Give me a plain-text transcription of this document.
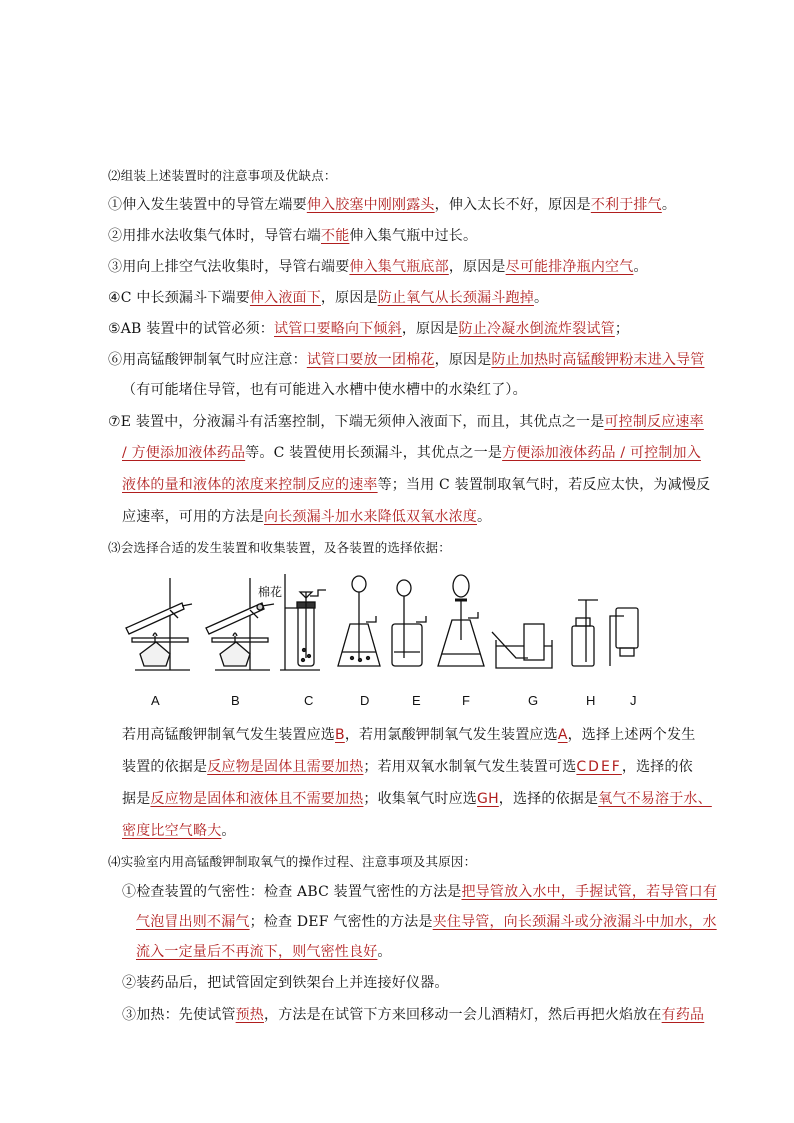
⑵组装上述装置时的注意事项及优缺点：
①伸入发生装置中的导管左端要伸入胶塞中刚刚露头，伸入太长不好，原因是不利于排气。
②用排水法收集气体时，导管右端不能伸入集气瓶中过长。
③用向上排空气法收集时，导管右端要伸入集气瓶底部，原因是尽可能排净瓶内空气。
④C 中长颈漏斗下端要伸入液面下，原因是防止氧气从长颈漏斗跑掉。
⑤AB 装置中的试管必须：试管口要略向下倾斜，原因是防止冷凝水倒流炸裂试管；
⑥用高锰酸钾制氧气时应注意：试管口要放一团棉花，原因是防止加热时高锰酸钾粉末进入导管
（有可能堵住导管，也有可能进入水槽中使水槽中的水染红了）。
⑦E 装置中，分液漏斗有活塞控制，下端无须伸入液面下，而且，其优点之一是可控制反应速率
/ 方便添加液体药品等。C 装置使用长颈漏斗，其优点之一是方便添加液体药品 / 可控制加入
液体的量和液体的浓度来控制反应的速率等；当用 C 装置制取氧气时，若反应太快，为减慢反
应速率，可用的方法是向长颈漏斗加水来降低双氧水浓度。
⑶会选择合适的发生装置和收集装置，及各装置的选择依据：
棉花
A	B	C	D	E	F	G	H	J
若用高锰酸钾制氧气发生装置应选B，若用氯酸钾制氧气发生装置应选A，选择上述两个发生
装置的依据是反应物是固体且需要加热；若用双氧水制氧气发生装置可选CDEF，选择的依
据是反应物是固体和液体且不需要加热；收集氧气时应选GH，选择的依据是氧气不易溶于水、
密度比空气略大。
⑷实验室内用高锰酸钾制取氧气的操作过程、注意事项及其原因：
①检查装置的气密性：检查 ABC 装置气密性的方法是把导管放入水中，手握试管，若导管口有
气泡冒出则不漏气；检查 DEF 气密性的方法是夹住导管，向长颈漏斗或分液漏斗中加水，水
流入一定量后不再流下，则气密性良好。
②装药品后，把试管固定到铁架台上并连接好仪器。
③加热：先使试管预热，方法是在试管下方来回移动一会儿酒精灯，然后再把火焰放在有药品
